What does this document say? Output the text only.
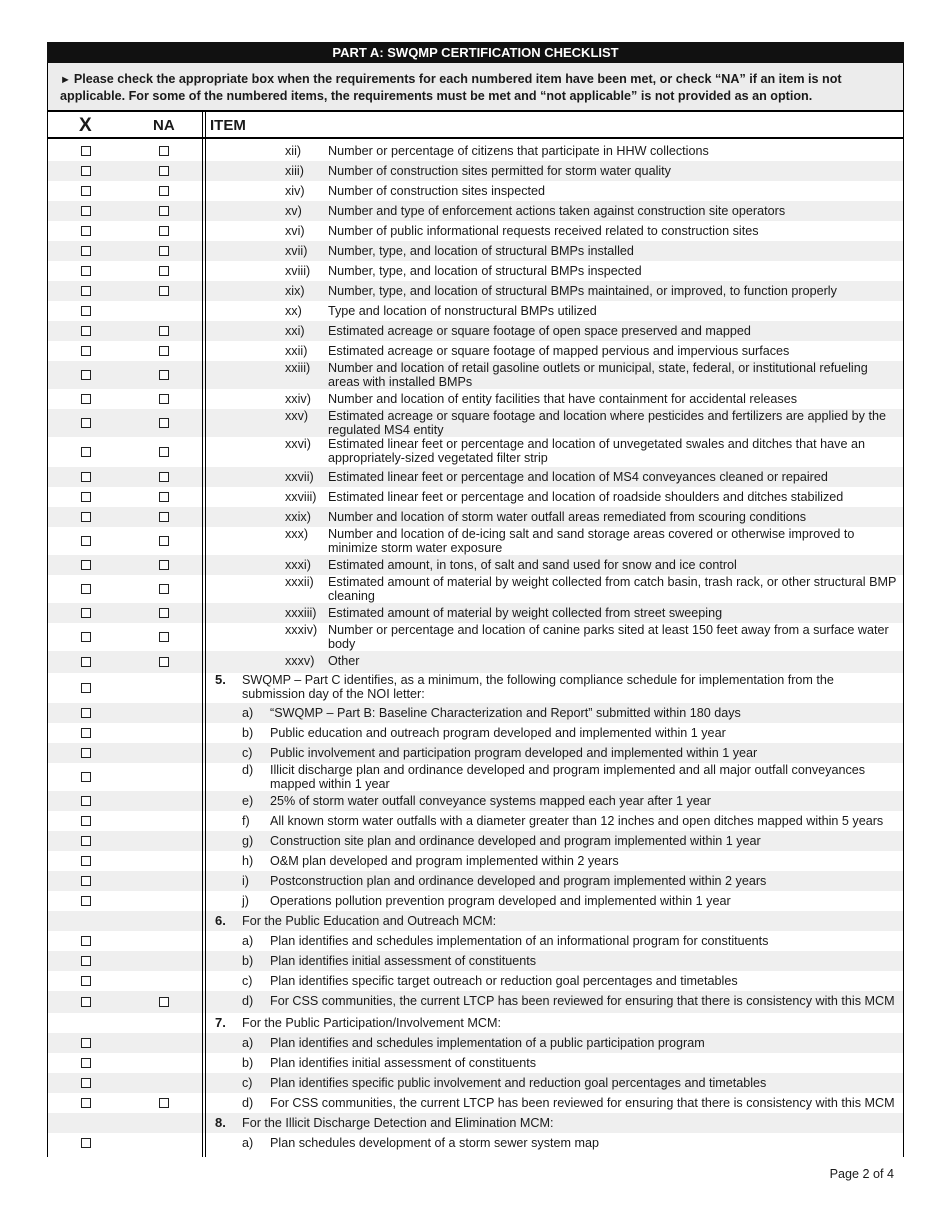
PART A: SWQMP CERTIFICATION CHECKLIST
► Please check the appropriate box when the requirements for each numbered item have been met, or check “NA” if an item is not applicable. For some of the numbered items, the requirements must be met and “not applicable” is not provided as an option.
X	NA ITEM
xii) Number or percentage of citizens that participate in HHW collections
xiii) Number of construction sites permitted for storm water quality
xiv) Number of construction sites inspected
xv) Number and type of enforcement actions taken against construction site operators
xvi) Number of public informational requests received related to construction sites
xvii) Number, type, and location of structural BMPs installed
xviii) Number, type, and location of structural BMPs inspected
xix) Number, type, and location of structural BMPs maintained, or improved, to function properly
xx) Type and location of nonstructural BMPs utilized
xxi) Estimated acreage or square footage of open space preserved and mapped
xxii) Estimated acreage or square footage of mapped pervious and impervious surfaces
xxiii) Number and location of retail gasoline outlets or municipal, state, federal, or institutional refueling areas with installed BMPs
xxiv) Number and location of entity facilities that have containment for accidental releases
xxv) Estimated acreage or square footage and location where pesticides and fertilizers are applied by the regulated MS4 entity
xxvi) Estimated linear feet or percentage and location of unvegetated swales and ditches that have an appropriately-sized vegetated filter strip
xxvii) Estimated linear feet or percentage and location of MS4 conveyances cleaned or repaired
xxviii) Estimated linear feet or percentage and location of roadside shoulders and ditches stabilized
xxix) Number and location of storm water outfall areas remediated from scouring conditions
xxx) Number and location of de-icing salt and sand storage areas covered or otherwise improved to minimize storm water exposure
xxxi) Estimated amount, in tons, of salt and sand used for snow and ice control
xxxii) Estimated amount of material by weight collected from catch basin, trash rack, or other structural BMP cleaning
xxxiii) Estimated amount of material by weight collected from street sweeping
xxxiv) Number or percentage and location of canine parks sited at least 150 feet away from a surface water body
xxxv) Other
5. SWQMP – Part C identifies, as a minimum, the following compliance schedule for implementation from the submission day of the NOI letter:
a) “SWQMP – Part B: Baseline Characterization and Report” submitted within 180 days
b) Public education and outreach program developed and implemented within 1 year
c) Public involvement and participation program developed and implemented within 1 year
d) Illicit discharge plan and ordinance developed and program implemented and all major outfall conveyances mapped within 1 year
e) 25% of storm water outfall conveyance systems mapped each year after 1 year
f) All known storm water outfalls with a diameter greater than 12 inches and open ditches mapped within 5 years
g) Construction site plan and ordinance developed and program implemented within 1 year
h) O&M plan developed and program implemented within 2 years
i) Postconstruction plan and ordinance developed and program implemented within 2 years
j) Operations pollution prevention program developed and implemented within 1 year
6. For the Public Education and Outreach MCM:
a) Plan identifies and schedules implementation of an informational program for constituents
b) Plan identifies initial assessment of constituents
c) Plan identifies specific target outreach or reduction goal percentages and timetables
d) For CSS communities, the current LTCP has been reviewed for ensuring that there is consistency with this MCM
7. For the Public Participation/Involvement MCM:
a) Plan identifies and schedules implementation of a public participation program
b) Plan identifies initial assessment of constituents
c) Plan identifies specific public involvement and reduction goal percentages and timetables
d) For CSS communities, the current LTCP has been reviewed for ensuring that there is consistency with this MCM
8. For the Illicit Discharge Detection and Elimination MCM:
a) Plan schedules development of a storm sewer system map
Page 2 of 4
